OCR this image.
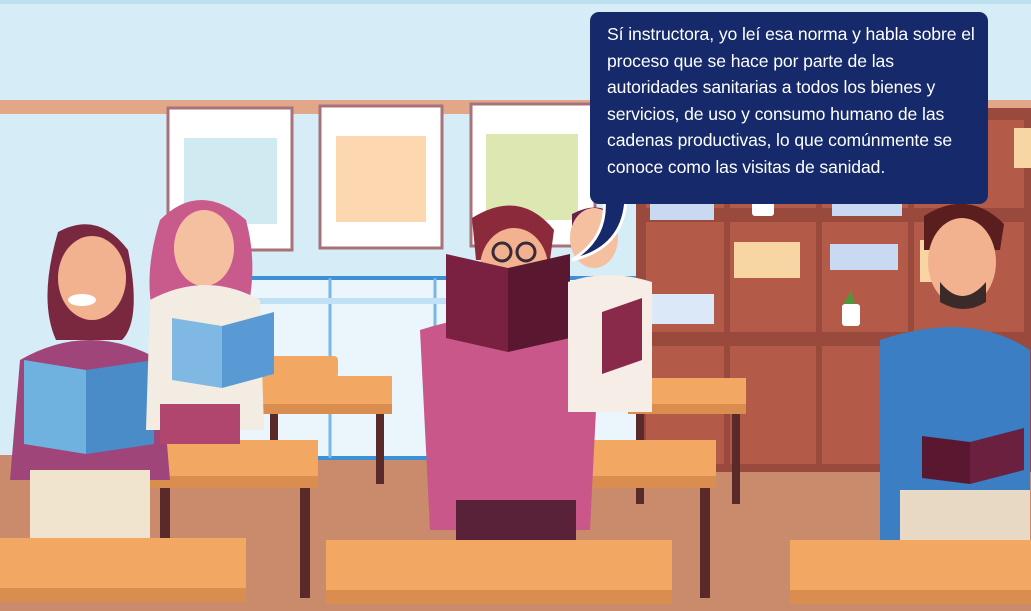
Sí instructora, yo leí esa norma y habla sobre el proceso que se hace por parte de las autoridades sanitarias a todos los bienes y servicios, de uso y consumo humano de las cadenas productivas, lo que comúnmente se conoce como las visitas de sanidad.
